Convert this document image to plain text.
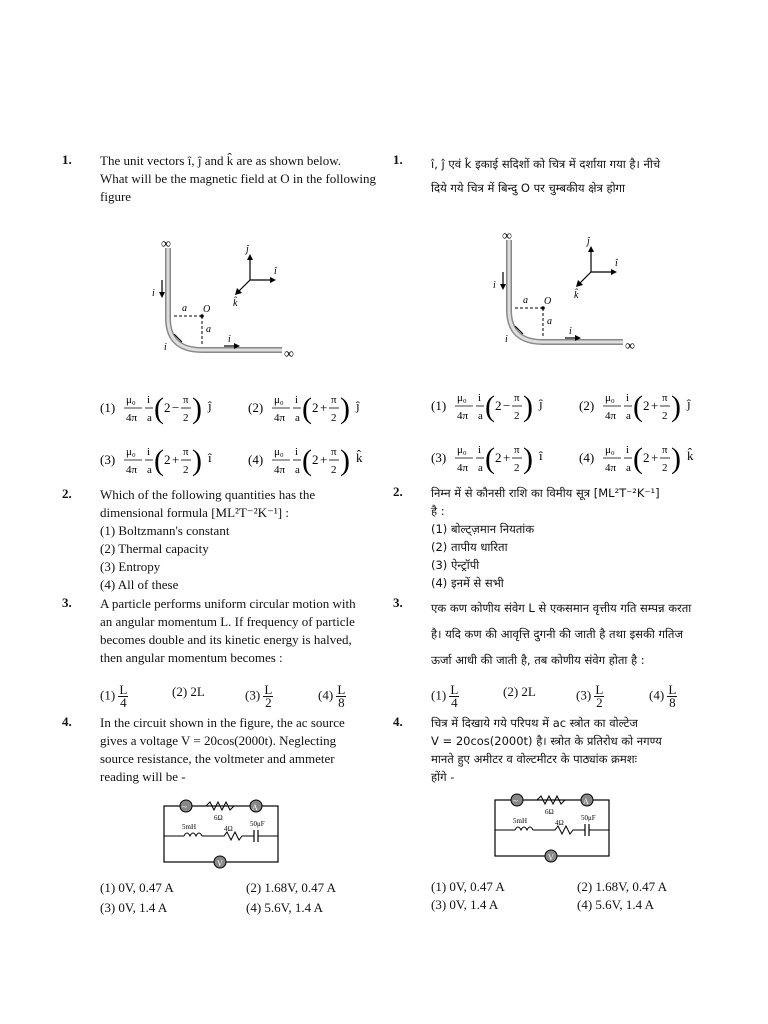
1. The unit vectors î, ĵ and k̂ are as shown below.

What will be the magnetic field at O in the following figure

∞
∞
i
i
i
a
a
O
ĵ
î
k̂
(1) μ₀
4π
i
a ( 2 − π
2 ) ĵ	(2) μ₀
4π
i
a ( 2 + π
2 ) ĵ
(3) μ₀
4π
i
a ( 2 + π
2 ) î	(4) μ₀
4π
i
a ( 2 + π
2 ) k̂
2. Which of the following quantities has the

dimensional formula [ML²T⁻²K⁻¹] :

(1) Boltzmann's constant
(2) Thermal capacity
(3) Entropy
(4) All of these
3. A particle performs uniform circular motion with

an angular momentum L. If frequency of particle

becomes double and its kinetic energy is halved,

then angular momentum becomes :

$(1) \frac{L}{4}$	(2) 2L	$(3) \frac{L}{2}$	$(4) \frac{L}{8}$
4. In the circuit shown in the figure, the ac source

gives a voltage V = 20cos(2000t). Neglecting

source resistance, the voltmeter and ammeter

reading will be -

~	A
6Ω
5mH	4Ω
50μF
V
(1) 0V, 0.47 A	(2) 1.68V, 0.47 A
(3) 0V, 1.4 A	(4) 5.6V, 1.4 A
1. î, ĵ एवं k̂ इकाई सदिशों को चित्र में दर्शाया गया है। नीचे

दिये गये चित्र में बिन्दु O पर चुम्बकीय क्षेत्र होगा

∞
∞
i
i
i
a
a
O
ĵ
î
k̂
(1) μ₀
4π
i
a ( 2 − π
2 ) ĵ	(2) μ₀
4π
i
a ( 2 + π
2 ) ĵ
(3) μ₀
4π
i
a ( 2 + π
2 ) î	(4) μ₀
4π
i
a ( 2 + π
2 ) k̂
2. निम्न में से कौनसी राशि का विमीय सूत्र [ML²T⁻²K⁻¹]

है :

(1) बोल्ट्ज़मान नियतांक
(2) तापीय धारिता
(3) ऐन्ट्रॉपी
(4) इनमें से सभी
3. एक कण कोणीय संवेग L से एकसमान वृत्तीय गति सम्पन्न करता

है। यदि कण की आवृत्ति दुगनी की जाती है तथा इसकी गतिज

ऊर्जा आधी की जाती है, तब कोणीय संवेग होता है :

$(1) \frac{L}{4}$	(2) 2L	$(3) \frac{L}{2}$	$(4) \frac{L}{8}$
4. चित्र में दिखाये गये परिपथ में ac स्त्रोत का वोल्टेज

V = 20cos(2000t) है। स्त्रोत के प्रतिरोध को नगण्य

मानते हुए अमीटर व वोल्टमीटर के पाठ्यांक क्रमशः

होंगे -

~	A
6Ω
5mH	4Ω
50μF
V
(1) 0V, 0.47 A	(2) 1.68V, 0.47 A
(3) 0V, 1.4 A	(4) 5.6V, 1.4 A
